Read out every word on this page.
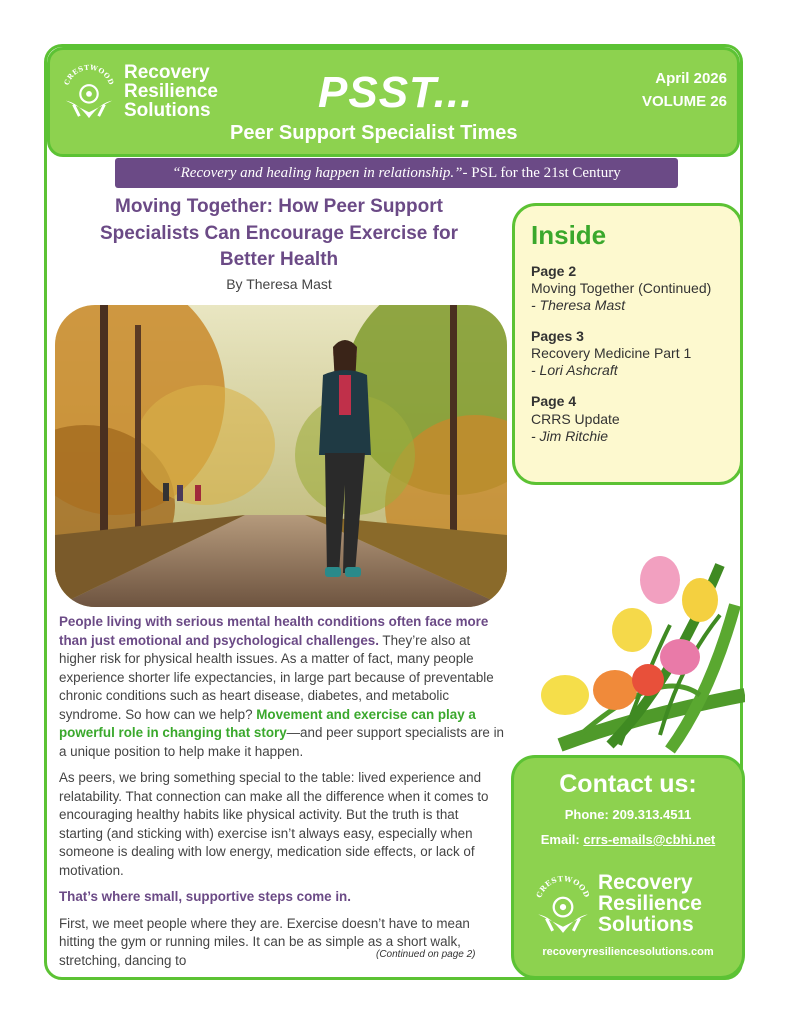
CRESTWOOD Recovery
Resilience
Solutions PSST...
Peer Support Specialist Times
April 2026
VOLUME 26
“Recovery and healing happen in relationship.” - PSL for the 21st Century
Moving Together: How Peer Support Specialists Can Encourage Exercise for Better Health
By Theresa Mast

People living with serious mental health conditions often face more than just emotional and psychological challenges. They’re also at higher risk for physical health issues. As a matter of fact, many people experience shorter life expectancies, in large part because of preventable chronic conditions such as heart disease, diabetes, and metabolic syndrome. So how can we help? Movement and exercise can play a powerful role in changing that story—and peer support specialists are in a unique position to help make it happen.

As peers, we bring something special to the table: lived experience and relatability. That connection can make all the difference when it comes to encouraging healthy habits like physical activity. But the truth is that starting (and sticking with) exercise isn’t always easy, especially when someone is dealing with low energy, medication side effects, or lack of motivation.

That’s where small, supportive steps come in.

First, we meet people where they are. Exercise doesn’t have to mean hitting the gym or running miles. It can be as simple as a short walk, stretching, dancing to	(Continued on page 2)
Inside
Page 2
Moving Together (Continued)
- Theresa Mast
Pages 3
Recovery Medicine Part 1
- Lori Ashcraft
Page 4
CRRS Update
- Jim Ritchie
Contact us:
Phone: 209.313.4511
Email: crrs-emails@cbhi.net
CRESTWOOD Recovery
Resilience
Solutions
recoveryresiliencesolutions.com
